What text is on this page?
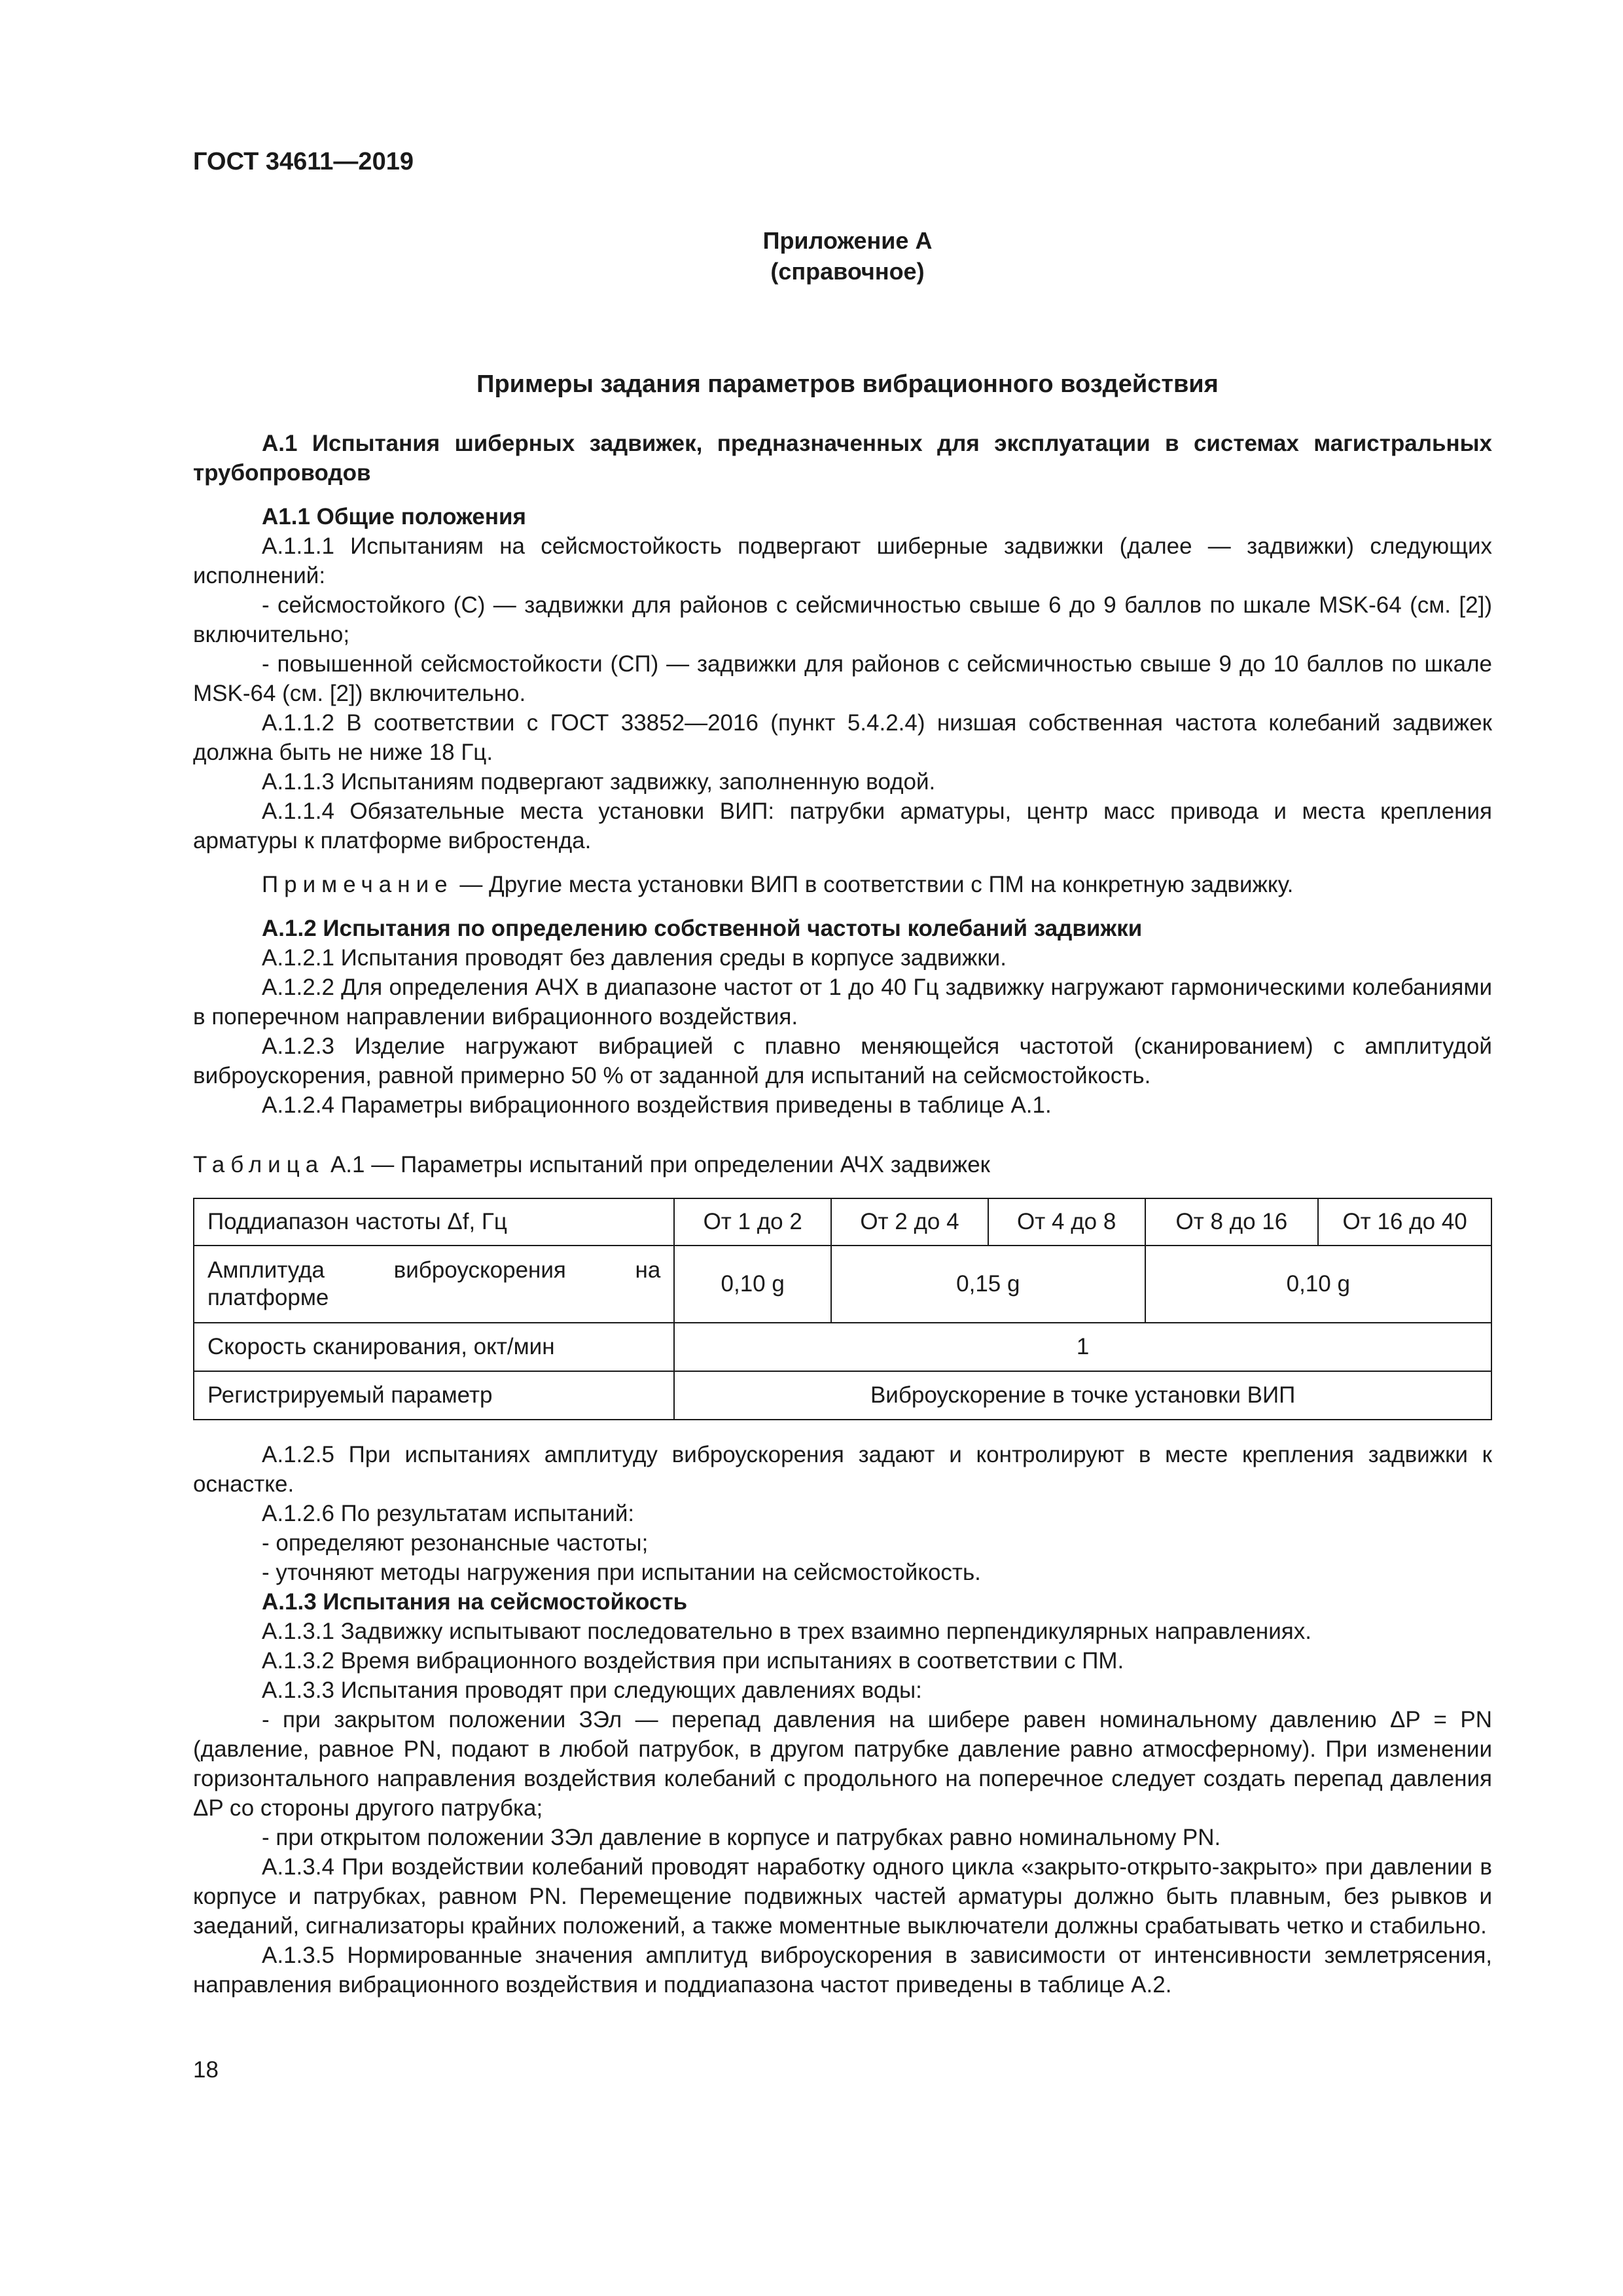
ГОСТ 34611—2019
Приложение А
(справочное)
Примеры задания параметров вибрационного воздействия

А.1 Испытания шиберных задвижек, предназначенных для эксплуатации в системах магистральных трубопроводов

А1.1 Общие положения

А.1.1.1 Испытаниям на сейсмостойкость подвергают шиберные задвижки (далее — задвижки) следующих исполнений:

- сейсмостойкого (С) — задвижки для районов с сейсмичностью свыше 6 до 9 баллов по шкале MSK-64 (см. [2]) включительно;

- повышенной сейсмостойкости (СП) — задвижки для районов с сейсмичностью свыше 9 до 10 баллов по шкале MSK-64 (см. [2]) включительно.

А.1.1.2 В соответствии с ГОСТ 33852—2016 (пункт 5.4.2.4) низшая собственная частота колебаний задвижек должна быть не ниже 18 Гц.

А.1.1.3 Испытаниям подвергают задвижку, заполненную водой.

А.1.1.4 Обязательные места установки ВИП: патрубки арматуры, центр масс привода и места крепления арматуры к платформе вибростенда.

Примечание — Другие места установки ВИП в соответствии с ПМ на конкретную задвижку.

А.1.2 Испытания по определению собственной частоты колебаний задвижки

А.1.2.1 Испытания проводят без давления среды в корпусе задвижки.

А.1.2.2 Для определения АЧХ в диапазоне частот от 1 до 40 Гц задвижку нагружают гармоническими колебаниями в поперечном направлении вибрационного воздействия.

А.1.2.3 Изделие нагружают вибрацией с плавно меняющейся частотой (сканированием) с амплитудой виброускорения, равной примерно 50 % от заданной для испытаний на сейсмостойкость.

А.1.2.4 Параметры вибрационного воздействия приведены в таблице А.1.

Таблица А.1 — Параметры испытаний при определении АЧХ задвижек
Поддиапазон частоты Δf, Гц	От 1 до 2	От 2 до 4	От 4 до 8	От 8 до 16	От 16 до 40

Амплитуда виброускорения на платформе	0,10 g	0,15 g		0,10 g	
Скорость сканирования, окт/мин	1				
Регистрируемый параметр	Виброускорение в точке установки ВИП				

А.1.2.5 При испытаниях амплитуду виброускорения задают и контролируют в месте крепления задвижки к оснастке.

А.1.2.6 По результатам испытаний:

- определяют резонансные частоты;

- уточняют методы нагружения при испытании на сейсмостойкость.

А.1.3 Испытания на сейсмостойкость

А.1.3.1 Задвижку испытывают последовательно в трех взаимно перпендикулярных направлениях.

А.1.3.2 Время вибрационного воздействия при испытаниях в соответствии с ПМ.

А.1.3.3 Испытания проводят при следующих давлениях воды:

- при закрытом положении ЗЭл — перепад давления на шибере равен номинальному давлению ΔP = PN (давление, равное PN, подают в любой патрубок, в другом патрубке давление равно атмосферному). При изменении горизонтального направления воздействия колебаний с продольного на поперечное следует создать перепад давления ΔP со стороны другого патрубка;

- при открытом положении ЗЭл давление в корпусе и патрубках равно номинальному PN.

А.1.3.4 При воздействии колебаний проводят наработку одного цикла «закрыто-открыто-закрыто» при давлении в корпусе и патрубках, равном PN. Перемещение подвижных частей арматуры должно быть плавным, без рывков и заеданий, сигнализаторы крайних положений, а также моментные выключатели должны срабатывать четко и стабильно.

А.1.3.5 Нормированные значения амплитуд виброускорения в зависимости от интенсивности землетрясения, направления вибрационного воздействия и поддиапазона частот приведены в таблице А.2.

18
